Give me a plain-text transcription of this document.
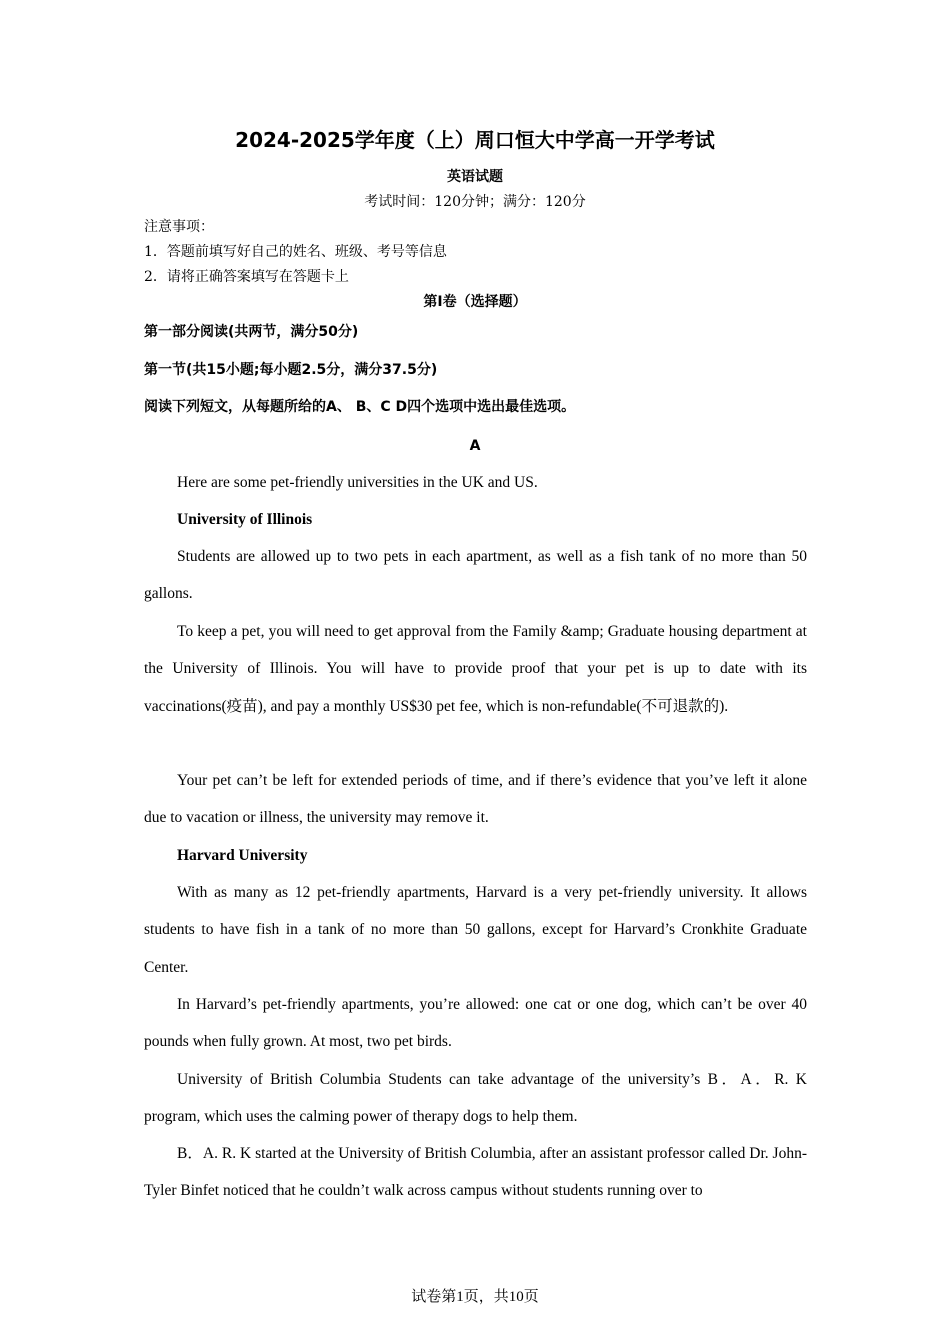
2024-2025学年度（上）周口恒大中学高一开学考试
英语试题
考试时间：120分钟；满分：120分
注意事项：
1．答题前填写好自己的姓名、班级、考号等信息
2．请将正确答案填写在答题卡上
第I卷（选择题）
第一部分阅读(共两节，满分50分)
第一节(共15小题;每小题2.5分，满分37.5分)
阅读下列短文，从每题所给的A、 B、C D四个选项中选出最佳选项。
A
Here are some pet-friendly universities in the UK and US.
University of Illinois
Students are allowed up to two pets in each apartment, as well as a fish tank of no more than 50 gallons.
To keep a pet, you will need to get approval from the Family &amp; Graduate housing department at the University of Illinois. You will have to provide proof that your pet is up to date with its vaccinations(疫苗), and pay a monthly US$30 pet fee, which is non-refundable(不可退款的).
Your pet can’t be left for extended periods of time, and if there’s evidence that you’ve left it alone due to vacation or illness, the university may remove it.
Harvard University
With as many as 12 pet-friendly apartments, Harvard is a very pet-friendly university. It allows students to have fish in a tank of no more than 50 gallons, except for Harvard’s Cronkhite Graduate Center.
In Harvard’s pet-friendly apartments, you’re allowed: one cat or one dog, which can’t be over 40 pounds when fully grown. At most, two pet birds.
University of British Columbia Students can take advantage of the university’s B．A．R. K program, which uses the calming power of therapy dogs to help them.
B．A. R. K started at the University of British Columbia, after an assistant professor called Dr. John-Tyler Binfet noticed that he couldn’t walk across campus without students running over to
试卷第1页，共10页
